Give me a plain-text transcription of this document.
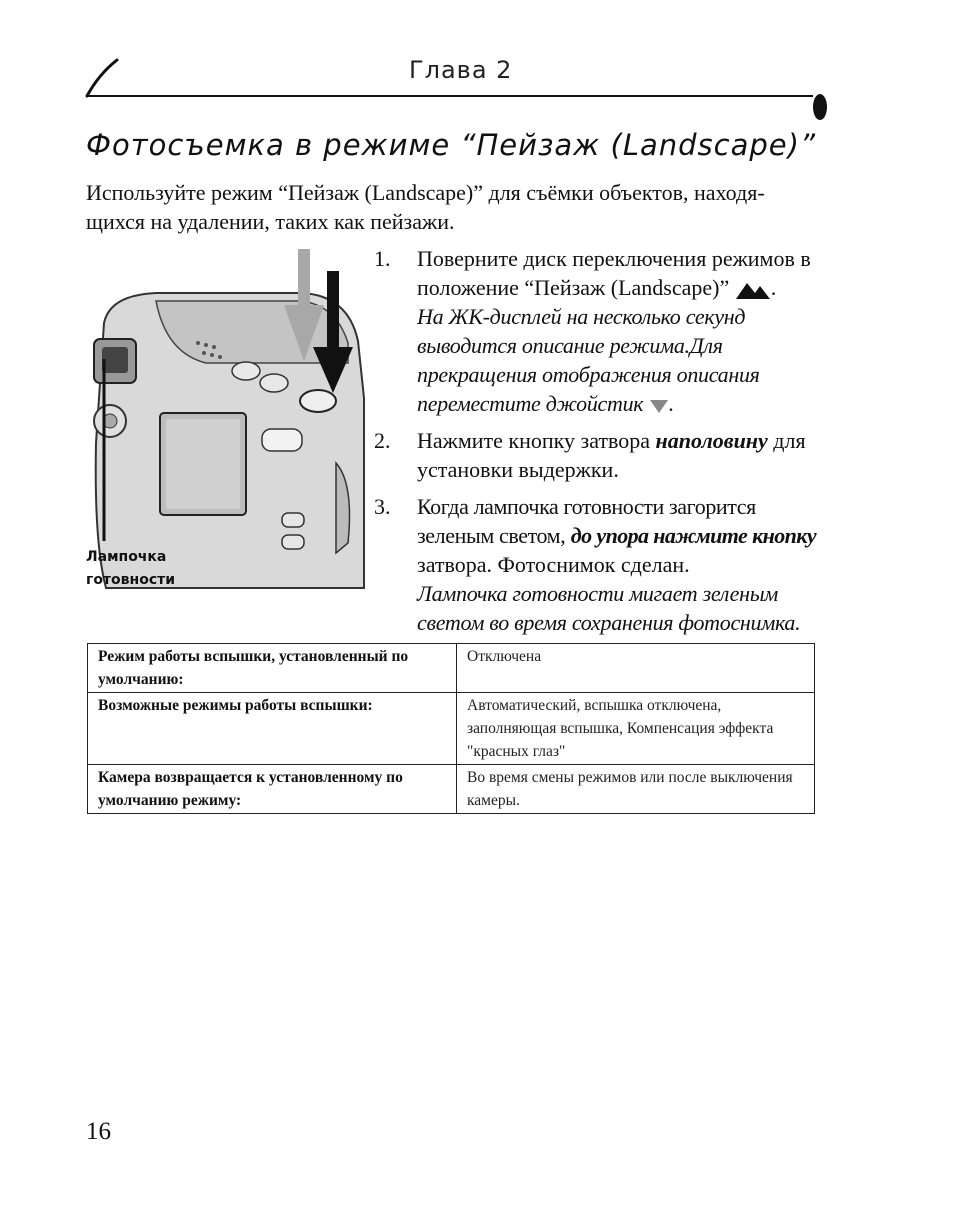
Глава 2
Фотосъемка в режиме “Пейзаж (Landscape)”

Используйте режим “Пейзаж (Landscape)” для съёмки объектов, находя-щихся на удалении, таких как пейзажи.

Лампочка
готовности
1. Поверните диск переключения режимов в положение “Пейзаж (Landscape)” .
На ЖК-дисплей на несколько секунд выводится описание режима.Для прекращения отображения описания переместите джойстик .
2. Нажмите кнопку затвора наполовину для установки выдержки.
3. Когда лампочка готовности загорится зеленым светом, до упора нажмите кнопку затвора. Фотоснимок сделан.
Лампочка готовности мигает зеленым светом во время сохранения фотоснимка.
Режим работы вспышки, установленный по умолчанию:	Отключена
Возможные режимы работы вспышки:	Автоматический, вспышка отключена, заполняющая вспышка, Компенсация эффекта "красных глаз"
Камера возвращается к установленному по умолчанию режиму:	Во время смены режимов или после выключения камеры.
16
